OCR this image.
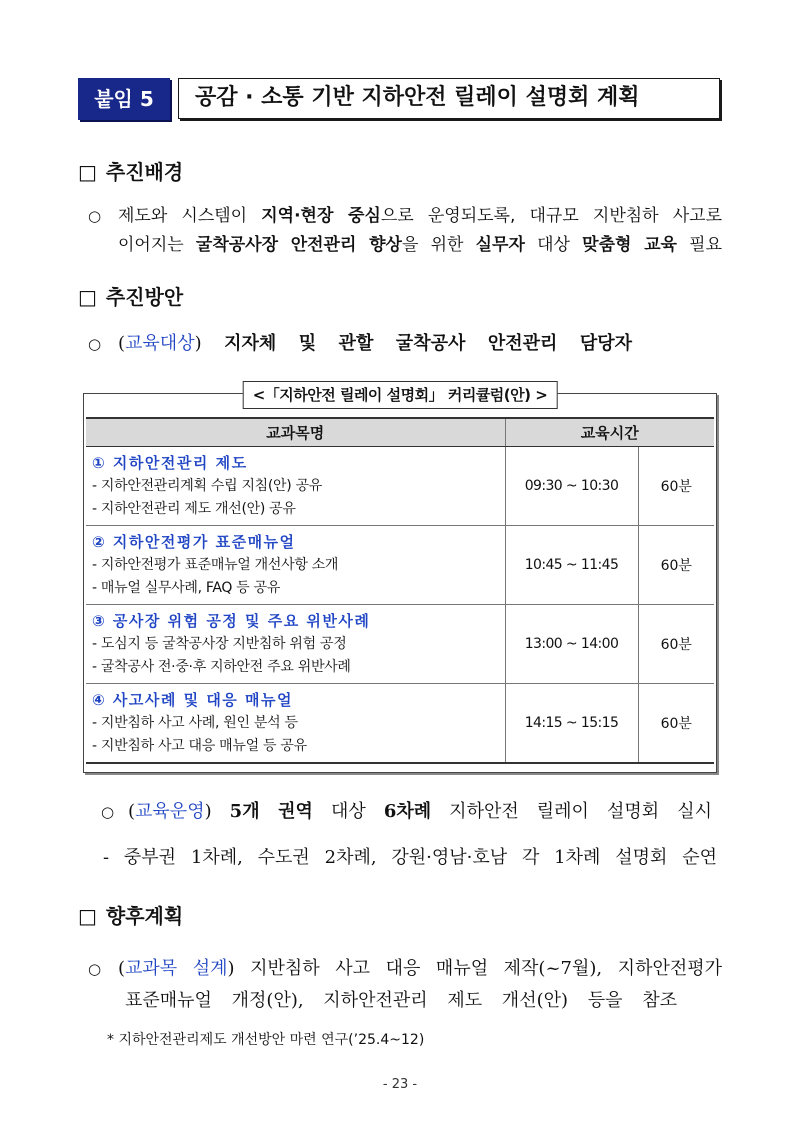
붙임 5	공감 · 소통 기반 지하안전 릴레이 설명회 계획
□ 추진배경
○ 제도와 시스템이 지역·현장 중심으로 운영되도록, 대규모 지반침하 사고로
이어지는 굴착공사장 안전관리 향상을 위한 실무자 대상 맞춤형 교육 필요
□ 추진방안
○ (교육대상) 지자체 및 관할 굴착공사 안전관리 담당자
<「지하안전 릴레이 설명회」 커리큘럼(안) >
교과목명	교육시간	

① 지하안전관리 제도
- 지하안전관리계획 수립 지침(안) 공유
- 지하안전관리 제도 개선(안) 공유	09:30 ~ 10:30	60분

② 지하안전평가 표준매뉴얼
- 지하안전평가 표준매뉴얼 개선사항 소개
- 매뉴얼 실무사례, FAQ 등 공유	10:45 ~ 11:45	60분

③ 공사장 위험 공정 및 주요 위반사례
- 도심지 등 굴착공사장 지반침하 위험 공정
- 굴착공사 전·중·후 지하안전 주요 위반사례	13:00 ~ 14:00	60분

④ 사고사례 및 대응 매뉴얼
- 지반침하 사고 사례, 원인 분석 등
- 지반침하 사고 대응 매뉴얼 등 공유	14:15 ~ 15:15	60분
○ (교육운영) 5개 권역 대상 6차례 지하안전 릴레이 설명회 실시
- 중부권 1차례, 수도권 2차례, 강원·영남·호남 각 1차례 설명회 순연
□ 향후계획
○ (교과목 설계) 지반침하 사고 대응 매뉴얼 제작(~7월), 지하안전평가
표준매뉴얼 개정(안), 지하안전관리 제도 개선(안) 등을 참조
* 지하안전관리제도 개선방안 마련 연구(’25.4~12)
- 23 -
